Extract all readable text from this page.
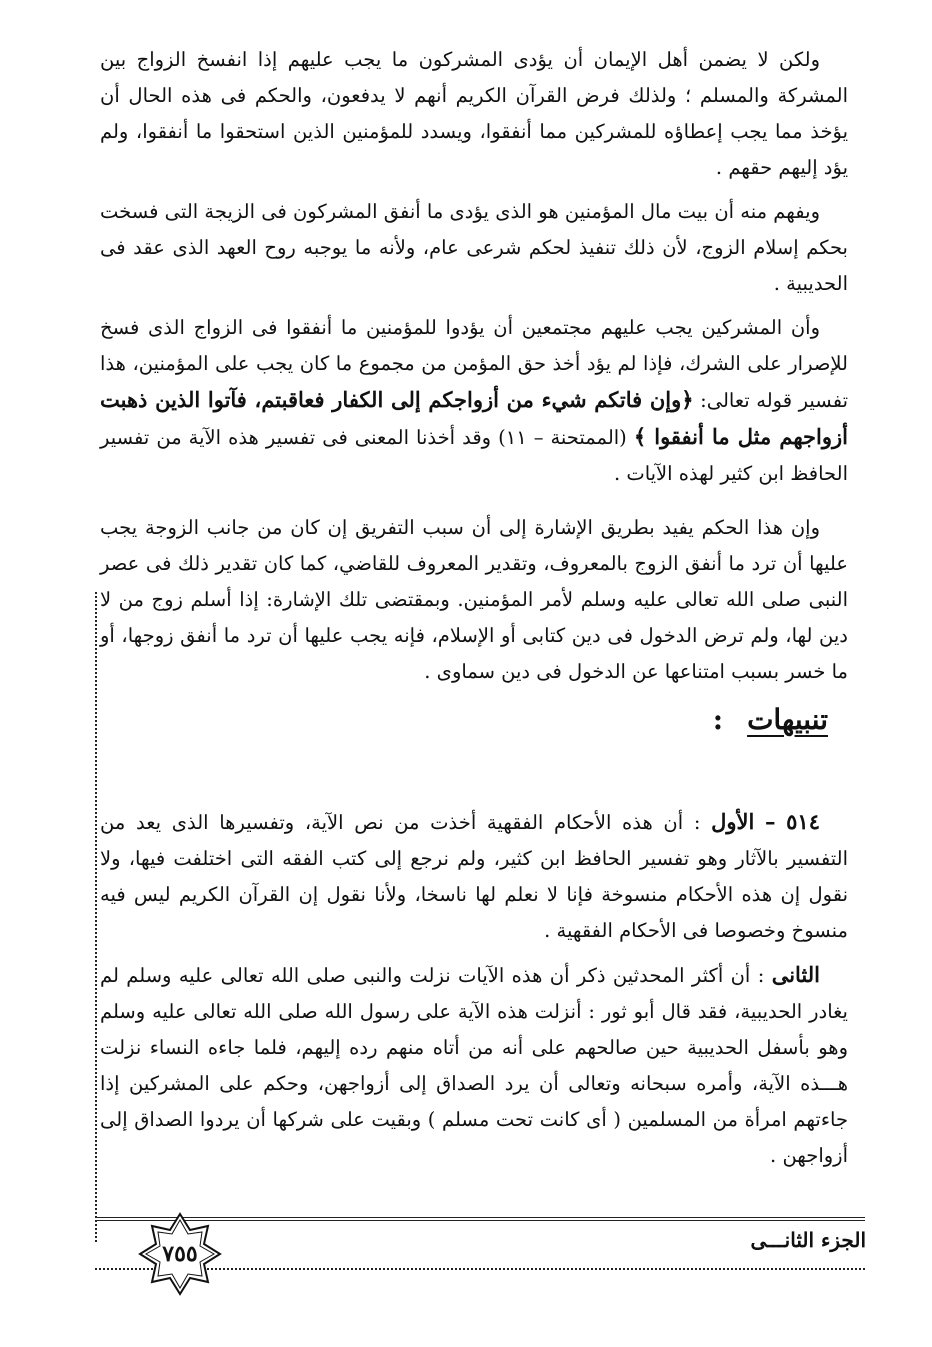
ولكن لا يضمن أهل الإيمان أن يؤدى المشركون ما يجب عليهم إذا انفسخ الزواج بين المشركة والمسلم ؛ ولذلك فرض القرآن الكريم أنهم لا يدفعون، والحكم فى هذه الحال أن يؤخذ مما يجب إعطاؤه للمشركين مما أنفقوا، ويسدد للمؤمنين الذين استحقوا ما أنفقوا، ولم يؤد إليهم حقهم .

ويفهم منه أن بيت مال المؤمنين هو الذى يؤدى ما أنفق المشركون فى الزيجة التى فسخت بحكم إسلام الزوج، لأن ذلك تنفيذ لحكم شرعى عام، ولأنه ما يوجبه روح العهد الذى عقد فى الحديبية .

وأن المشركين يجب عليهم مجتمعين أن يؤدوا للمؤمنين ما أنفقوا فى الزواج الذى فسخ للإصرار على الشرك، فإذا لم يؤد أخذ حق المؤمن من مجموع ما كان يجب على المؤمنين، هذا تفسير قوله تعالى: ﴿وإن فاتكم شيء من أزواجكم إلى الكفار فعاقبتم، فآتوا الذين ذهبت أزواجهم مثل ما أنفقوا ﴾ (الممتحنة – ١١) وقد أخذنا المعنى فى تفسير هذه الآية من تفسير الحافظ ابن كثير لهذه الآيات .

وإن هذا الحكم يفيد بطريق الإشارة إلى أن سبب التفريق إن كان من جانب الزوجة يجب عليها أن ترد ما أنفق الزوج بالمعروف، وتقدير المعروف للقاضي، كما كان تقدير ذلك فى عصر النبى صلى الله تعالى عليه وسلم لأمر المؤمنين. وبمقتضى تلك الإشارة: إذا أسلم زوج من لا دين لها، ولم ترض الدخول فى دين كتابى أو الإسلام، فإنه يجب عليها أن ترد ما أنفق زوجها، أو ما خسر بسبب امتناعها عن الدخول فى دين سماوى .

تنبيهات:

٥١٤ – الأول : أن هذه الأحكام الفقهية أخذت من نص الآية، وتفسيرها الذى يعد من التفسير بالآثار وهو تفسير الحافظ ابن كثير، ولم نرجع إلى كتب الفقه التى اختلفت فيها، ولا نقول إن هذه الأحكام منسوخة فإنا لا نعلم لها ناسخا، ولأنا نقول إن القرآن الكريم ليس فيه منسوخ وخصوصا فى الأحكام الفقهية .

الثانى : أن أكثر المحدثين ذكر أن هذه الآيات نزلت والنبى صلى الله تعالى عليه وسلم لم يغادر الحديبية، فقد قال أبو ثور : أنزلت هذه الآية على رسول الله صلى الله تعالى عليه وسلم وهو بأسفل الحديبية حين صالحهم على أنه من أتاه منهم رده إليهم، فلما جاءه النساء نزلت هـــذه الآية، وأمره سبحانه وتعالى أن يرد الصداق إلى أزواجهن، وحكم على المشركين إذا جاءتهم امرأة من المسلمين ( أى كانت تحت مسلم ) وبقيت على شركها أن يردوا الصداق إلى أزواجهن .

٧٥٥
الجزء الثانـــى
